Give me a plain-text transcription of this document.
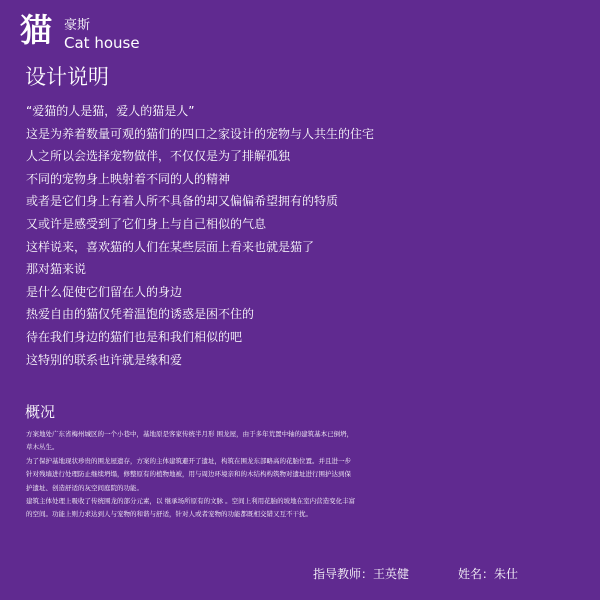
猫 豪斯
Cat house
设计说明
“爱猫的人是猫，爱人的猫是人”
这是为养着数量可观的猫们的四口之家设计的宠物与人共生的住宅
人之所以会选择宠物做伴，不仅仅是为了排解孤独
不同的宠物身上映射着不同的人的精神
或者是它们身上有着人所不具备的却又偏偏希望拥有的特质
又或许是感受到了它们身上与自己相似的气息
这样说来，喜欢猫的人们在某些层面上看来也就是猫了
那对猫来说
是什么促使它们留在人的身边
热爱自由的猫仅凭着温饱的诱惑是困不住的
待在我们身边的猫们也是和我们相似的吧
这特别的联系也许就是缘和爱
概况
方案地处广东省梅州城区的一个小巷中，基地原是客家传统半月形 围龙屋，由于多年荒置中轴的建筑基本已倒坍，
草木丛生。
为了保护基地现状珍贵的围龙屋遗存，方案的主体建筑避开了遗址，构筑在围龙东部略高的花胎位置。并且进一步
针对残墙进行处理防止继续坍塌，修整原有的植物地被，用与周边环境亲和的木结构构筑物对遗址进行围护达到保
护遗址、创造舒适的灰空间庭院的功能。
建筑主体处理上吸收了传统围龙的部分元素，以 继承场所原有的文脉 。空间上利用花胎的坡地在室内营造变化丰富
的空间。功能上则力求达到人与宠物的和谐与舒适，针对人或者宠物的功能都既相交错又互不干扰。
指导教师：王英健	姓名：朱仕
